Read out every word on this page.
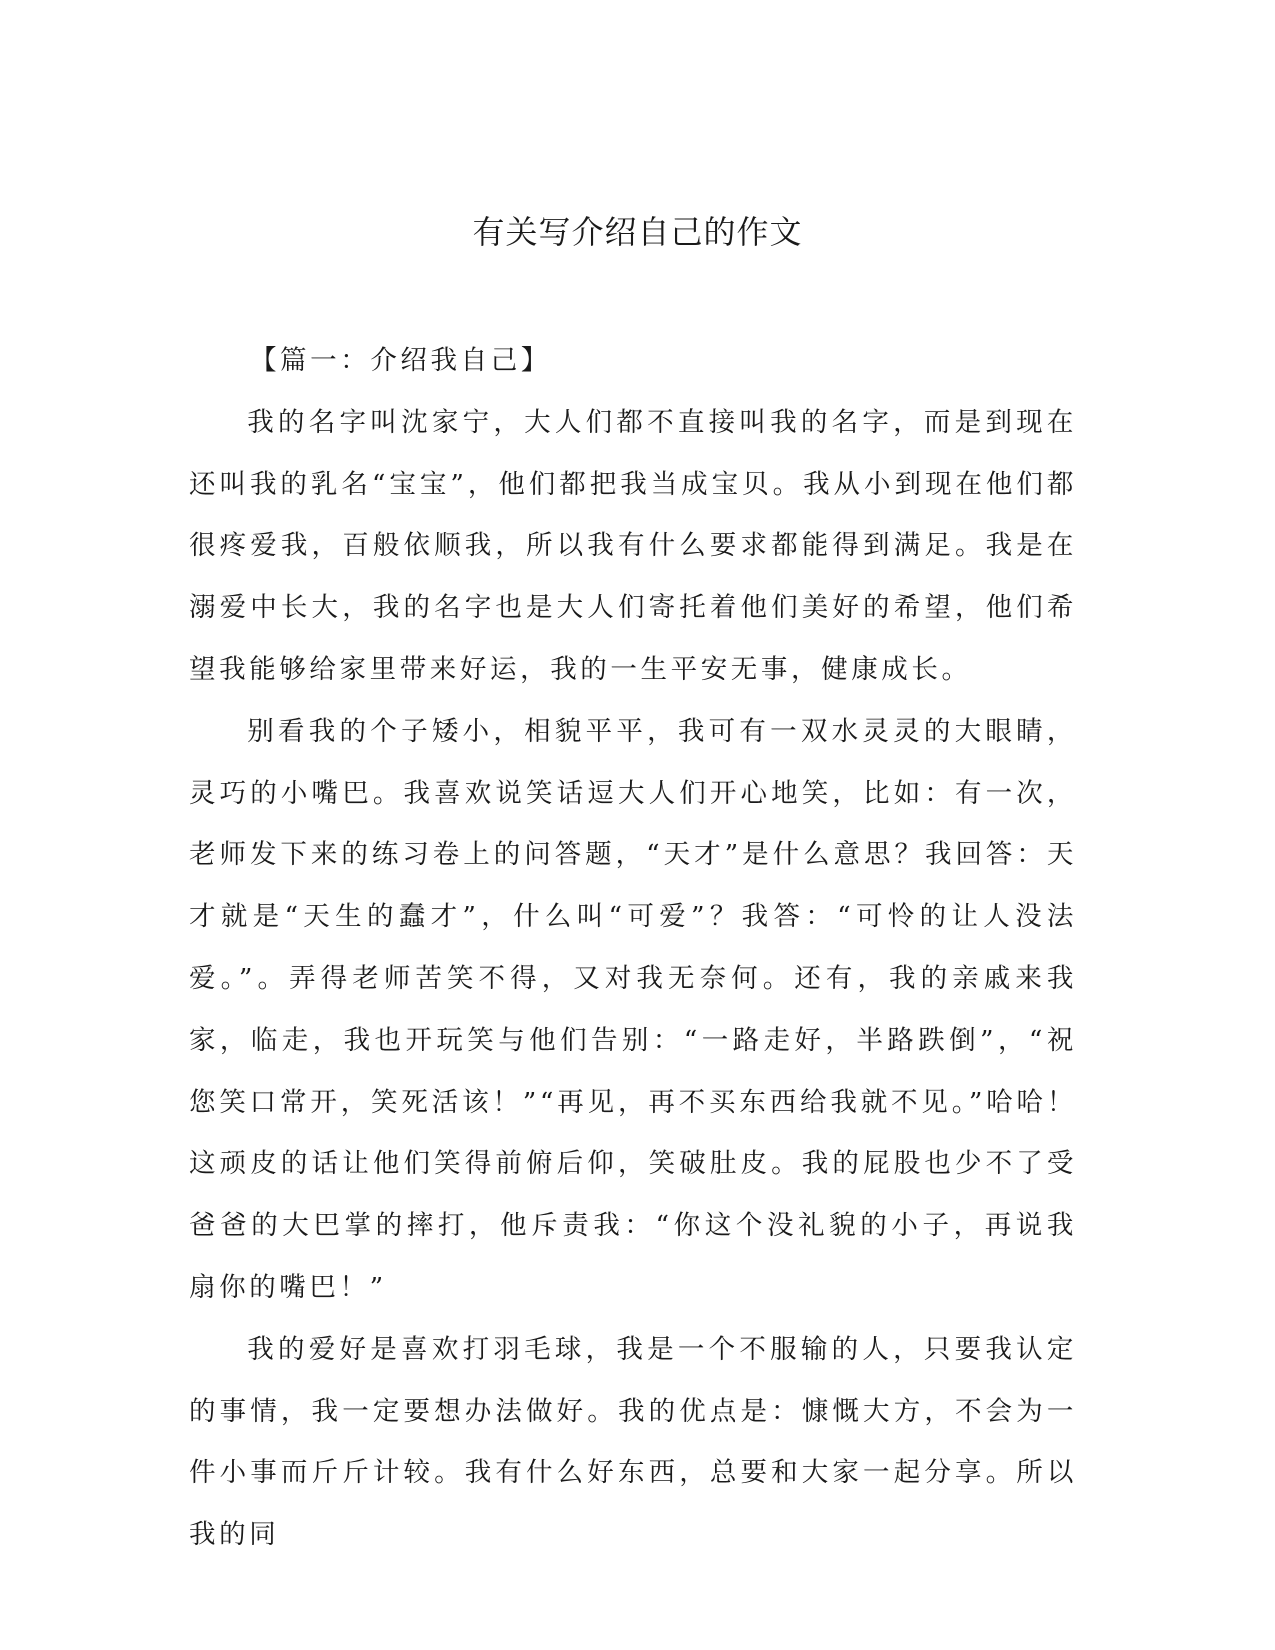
有关写介绍自己的作文

【篇一：介绍我自己】

我的名字叫沈家宁，大人们都不直接叫我的名字，而是到现在还叫我的乳名“宝宝”，他们都把我当成宝贝。我从小到现在他们都很疼爱我，百般依顺我，所以我有什么要求都能得到满足。我是在溺爱中长大，我的名字也是大人们寄托着他们美好的希望，他们希望我能够给家里带来好运，我的一生平安无事，健康成长。

别看我的个子矮小，相貌平平，我可有一双水灵灵的大眼睛，灵巧的小嘴巴。我喜欢说笑话逗大人们开心地笑，比如：有一次，老师发下来的练习卷上的问答题，“天才”是什么意思？我回答：天才就是“天生的蠢才”，什么叫“可爱”？我答：“可怜的让人没法爱。”。弄得老师苦笑不得，又对我无奈何。还有，我的亲戚来我家，临走，我也开玩笑与他们告别：“一路走好，半路跌倒”，“祝您笑口常开，笑死活该！”“再见，再不买东西给我就不见。”哈哈！这顽皮的话让他们笑得前俯后仰，笑破肚皮。我的屁股也少不了受爸爸的大巴掌的摔打，他斥责我：“你这个没礼貌的小子，再说我扇你的嘴巴！”

我的爱好是喜欢打羽毛球，我是一个不服输的人，只要我认定的事情，我一定要想办法做好。我的优点是：慷慨大方，不会为一件小事而斤斤计较。我有什么好东西，总要和大家一起分享。所以我的同
